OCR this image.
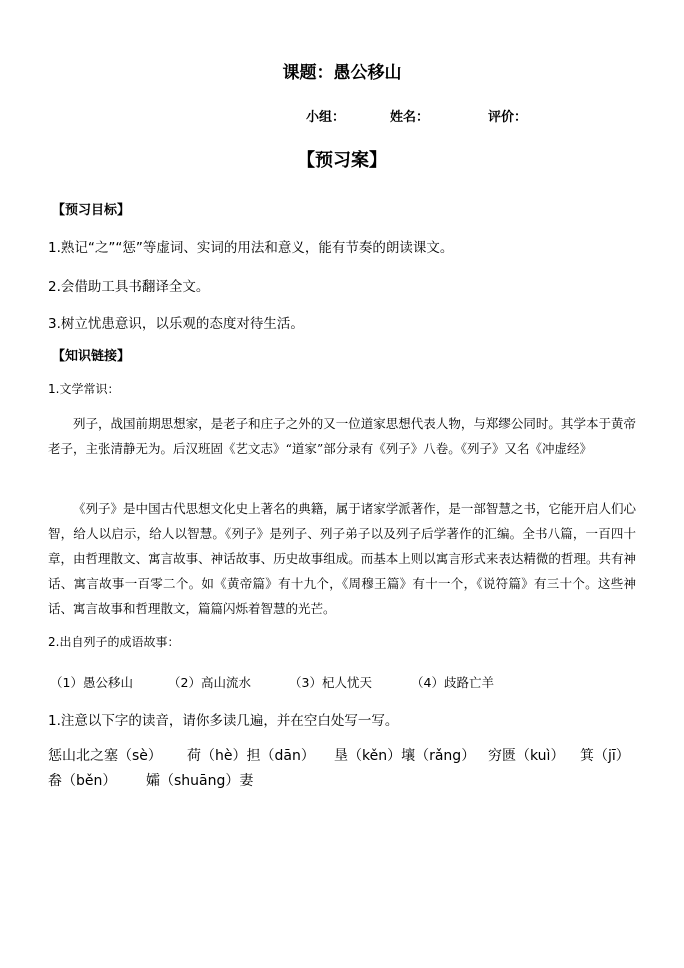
课题：愚公移山
小组：	姓名：	评价：
【预习案】
【预习目标】
1.熟记“之”“惩”等虚词、实词的用法和意义，能有节奏的朗读课文。
2.会借助工具书翻译全文。
3.树立忧患意识，以乐观的态度对待生活。
【知识链接】
1.文学常识：
列子，战国前期思想家，是老子和庄子之外的又一位道家思想代表人物，与郑缪公同时。其学本于黄帝老子，主张清静无为。后汉班固《艺文志》“道家”部分录有《列子》八卷。《列子》又名《冲虚经》
《列子》是中国古代思想文化史上著名的典籍，属于诸家学派著作，是一部智慧之书，它能开启人们心智，给人以启示，给人以智慧。《列子》是列子、列子弟子以及列子后学著作的汇编。全书八篇，一百四十章，由哲理散文、寓言故事、神话故事、历史故事组成。而基本上则以寓言形式来表达精微的哲理。共有神话、寓言故事一百零二个。如《黄帝篇》有十九个，《周穆王篇》有十一个，《说符篇》有三十个。这些神话、寓言故事和哲理散文，篇篇闪烁着智慧的光芒。
2.出自列子的成语故事：
（1）愚公移山	（2）高山流水	（3）杞人忧天	（4）歧路亡羊
1.注意以下字的读音，请你多读几遍，并在空白处写一写。
惩山北之塞（sè） 荷（hè）担（dān） 垦（kěn）壤（rǎng） 穷匮（kuì） 箕（jī）
畚（běn） 孀（shuāng）妻
